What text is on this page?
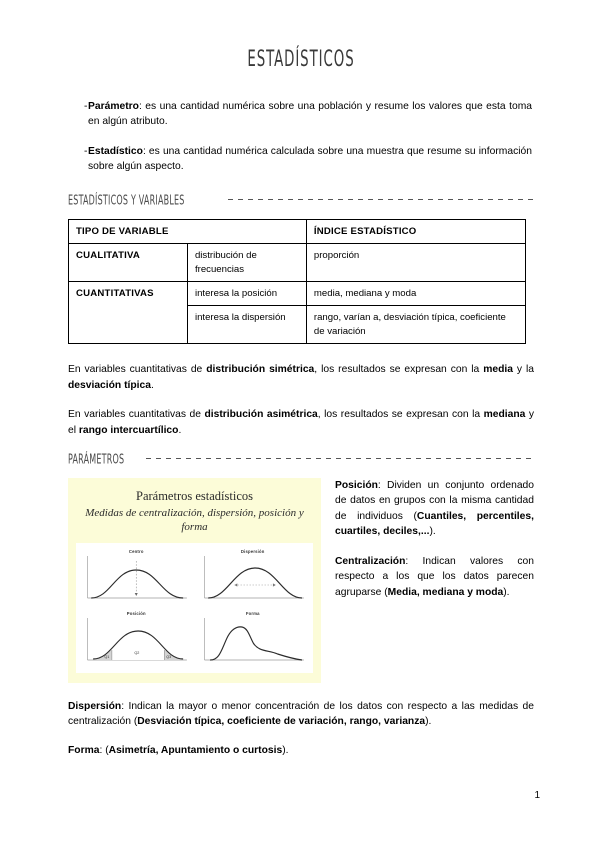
ESTADÍSTICOS
- Parámetro: es una cantidad numérica sobre una población y resume los valores que esta toma en algún atributo.
- Estadístico: es una cantidad numérica calculada sobre una muestra que resume su información sobre algún aspecto.
ESTADÍSTICOS Y VARIABLES
TIPO DE VARIABLE		ÍNDICE ESTADÍSTICO
CUALITATIVA	distribución de frecuencias	proporción
CUANTITATIVAS	interesa la posición	media, mediana y moda
	interesa la dispersión	rango, varían a, desviación típica, coeficiente de variación
En variables cuantitativas de distribución simétrica, los resultados se expresan con la media y la desviación típica.
En variables cuantitativas de distribución asimétrica, los resultados se expresan con la mediana y el rango intercuartílico.
PARÁMETROS
Parámetros estadísticos
Medidas de centralización, dispersión, posición y forma
Centro	Dispersión
Posición
Q1
Q2
Q3
Forma

Posición: Dividen un conjunto ordenado de datos en grupos con la misma cantidad de individuos (Cuantiles, percentiles, cuartiles, deciles,...).

Centralización: Indican valores con respecto a los que los datos parecen agruparse (Media, mediana y moda).

Dispersión: Indican la mayor o menor concentración de los datos con respecto a las medidas de centralización (Desviación típica, coeficiente de variación, rango, varianza).
Forma: (Asimetría, Apuntamiento o curtosis).
1
